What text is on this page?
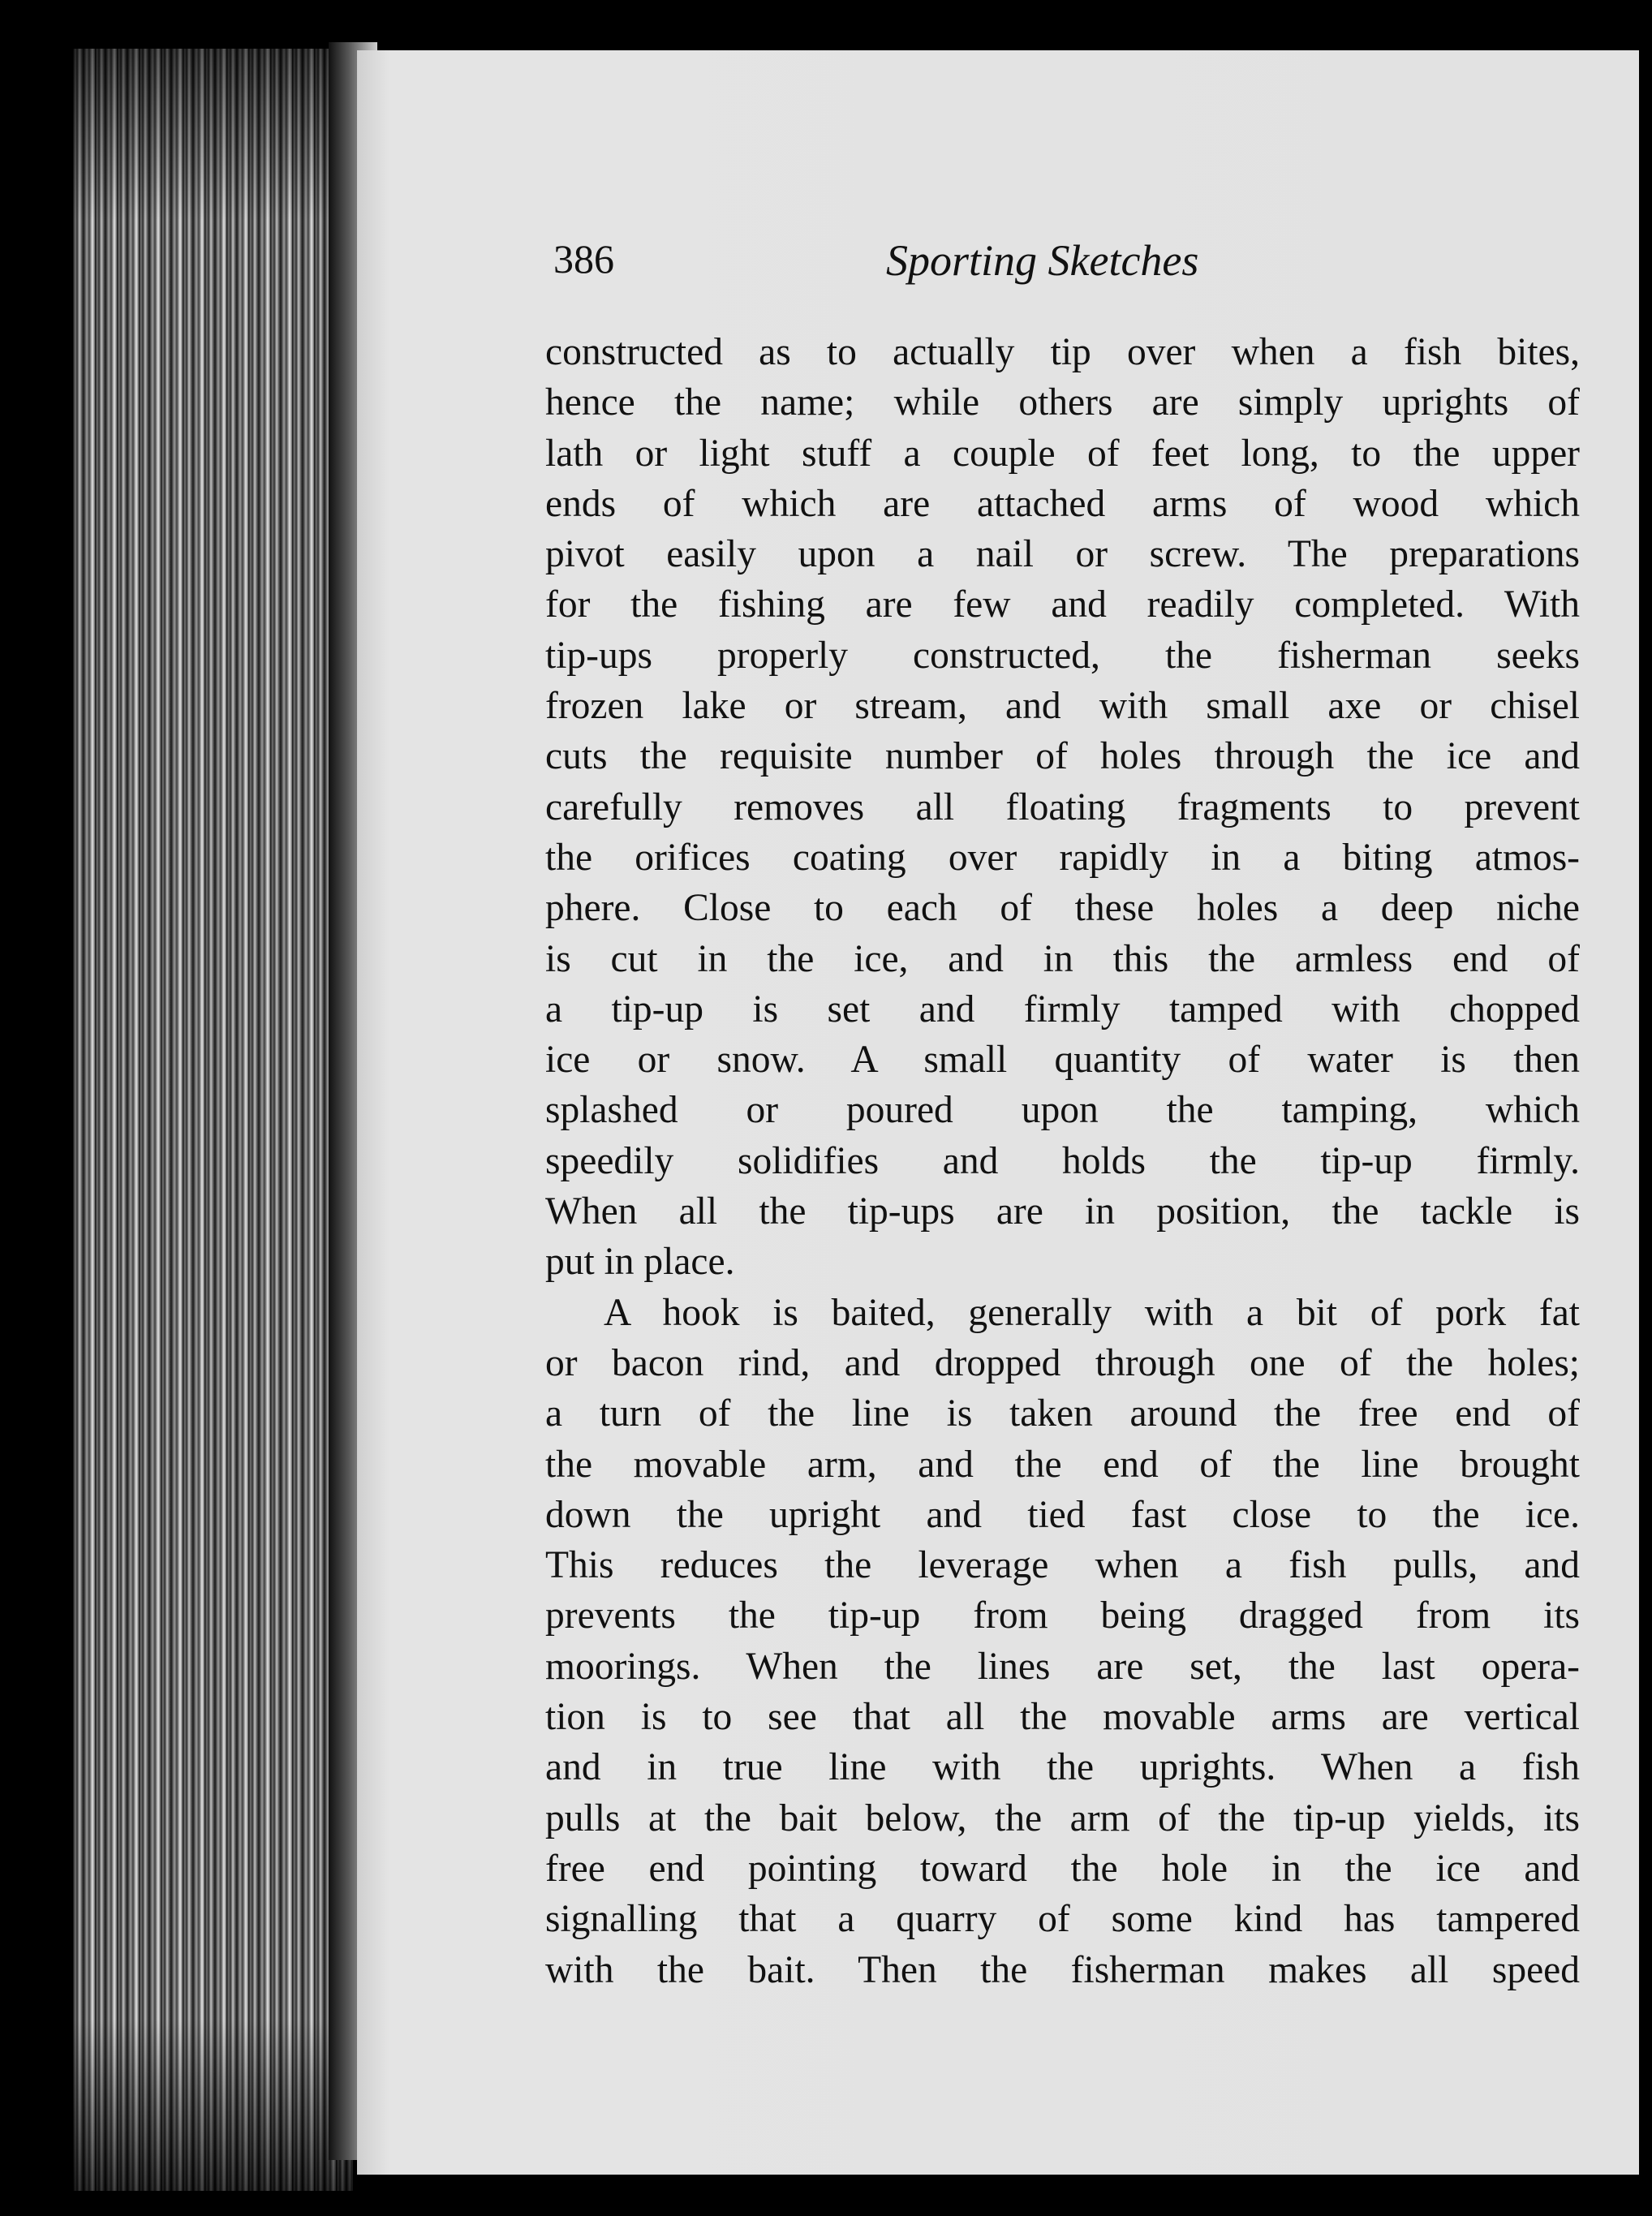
386	Sporting Sketches
constructed as to actually tip over when a fish bites,
hence the name; while others are simply uprights of
lath or light stuff a couple of feet long, to the upper
ends of which are attached arms of wood which
pivot easily upon a nail or screw. The preparations
for the fishing are few and readily completed. With
tip-ups properly constructed, the fisherman seeks
frozen lake or stream, and with small axe or chisel
cuts the requisite number of holes through the ice and
carefully removes all floating fragments to prevent
the orifices coating over rapidly in a biting atmos-
phere. Close to each of these holes a deep niche
is cut in the ice, and in this the armless end of
a tip-up is set and firmly tamped with chopped
ice or snow. A small quantity of water is then
splashed or poured upon the tamping, which
speedily solidifies and holds the tip-up firmly.
When all the tip-ups are in position, the tackle is
put in place.
A hook is baited, generally with a bit of pork fat
or bacon rind, and dropped through one of the holes;
a turn of the line is taken around the free end of
the movable arm, and the end of the line brought
down the upright and tied fast close to the ice.
This reduces the leverage when a fish pulls, and
prevents the tip-up from being dragged from its
moorings. When the lines are set, the last opera-
tion is to see that all the movable arms are vertical
and in true line with the uprights. When a fish
pulls at the bait below, the arm of the tip-up yields, its
free end pointing toward the hole in the ice and
signalling that a quarry of some kind has tampered
with the bait. Then the fisherman makes all speed
